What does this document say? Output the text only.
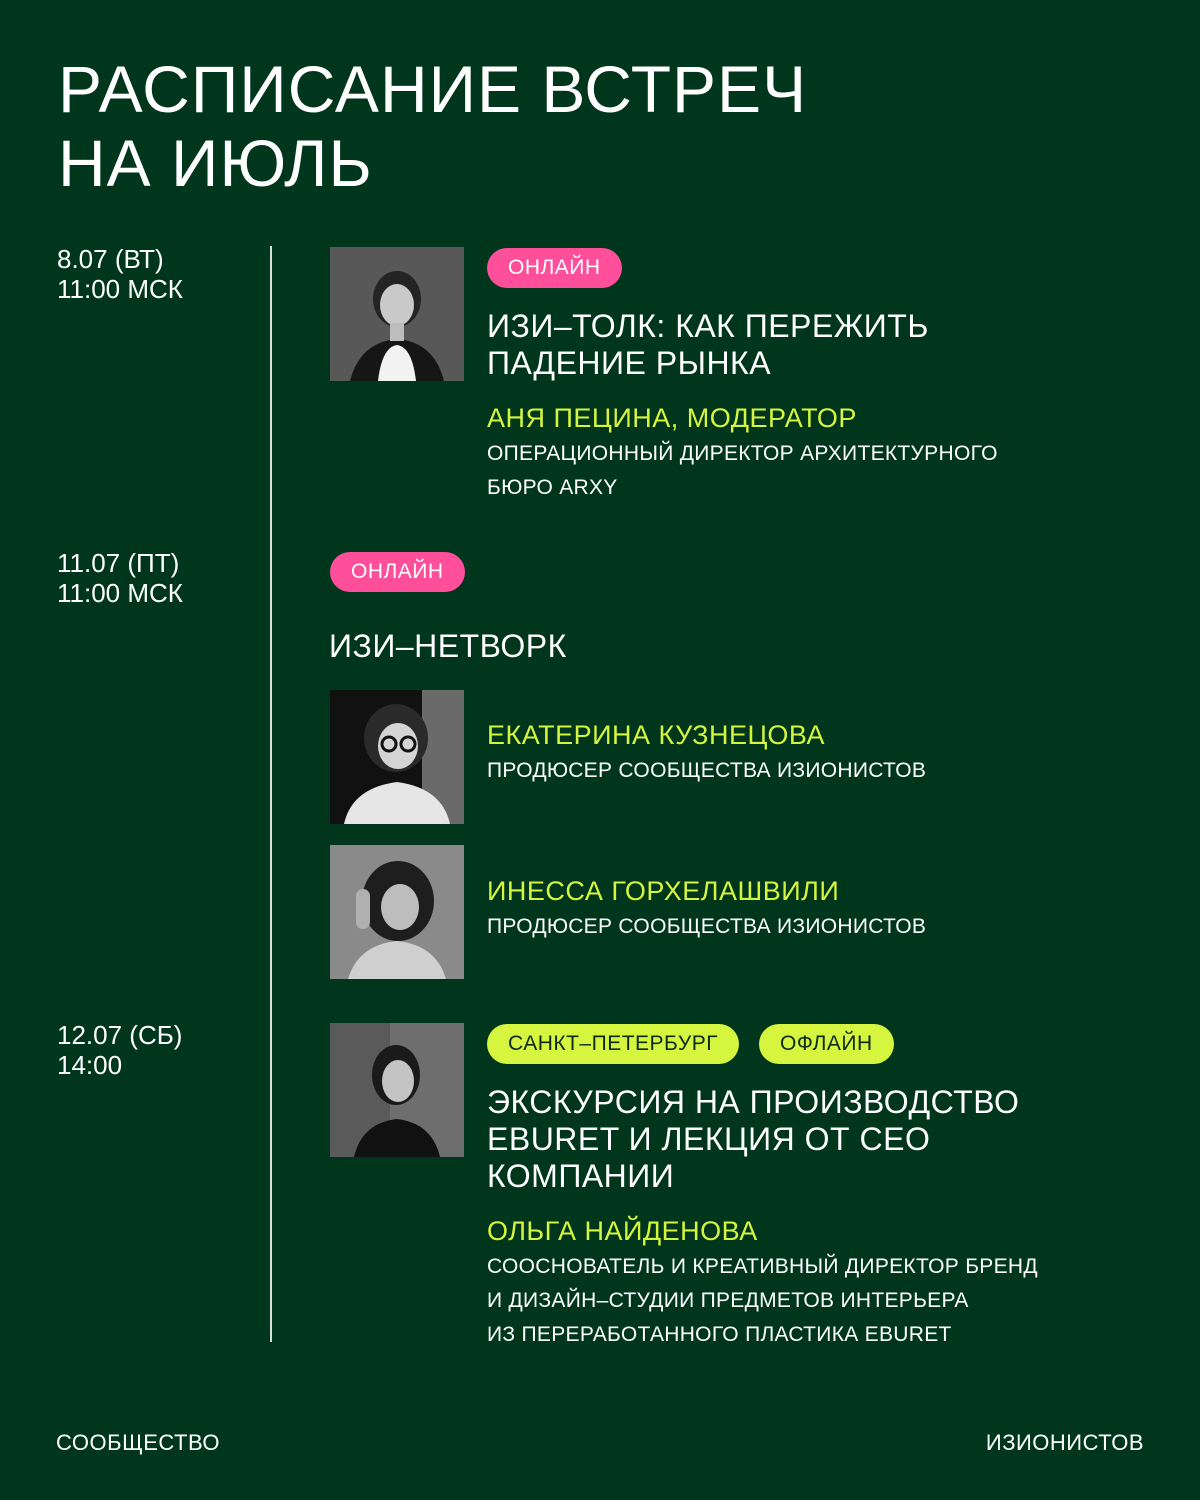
РАСПИСАНИЕ ВСТРЕЧ
НА ИЮЛЬ
8.07 (ВТ)
11:00 МСК
ОНЛАЙН
ИЗИ–ТОЛК: КАК ПЕРЕЖИТЬ
ПАДЕНИЕ РЫНКА
АНЯ ПЕЦИНА, МОДЕРАТОР
ОПЕРАЦИОННЫЙ ДИРЕКТОР АРХИТЕКТУРНОГО
БЮРО ARXY
11.07 (ПТ)
11:00 МСК
ОНЛАЙН
ИЗИ–НЕТВОРК
ЕКАТЕРИНА КУЗНЕЦОВА
ПРОДЮСЕР СООБЩЕСТВА ИЗИОНИСТОВ
ИНЕССА ГОРХЕЛАШВИЛИ
ПРОДЮСЕР СООБЩЕСТВА ИЗИОНИСТОВ
12.07 (СБ)
14:00
САНКТ–ПЕТЕРБУРГ	ОФЛАЙН
ЭКСКУРСИЯ НА ПРОИЗВОДСТВО
EBURET И ЛЕКЦИЯ ОТ CEO
КОМПАНИИ
ОЛЬГА НАЙДЕНОВА
СООСНОВАТЕЛЬ И КРЕАТИВНЫЙ ДИРЕКТОР БРЕНД
И ДИЗАЙН–СТУДИИ ПРЕДМЕТОВ ИНТЕРЬЕРА
ИЗ ПЕРЕРАБОТАННОГО ПЛАСТИКА EBURET
СООБЩЕСТВО	ИЗИОНИСТОВ
